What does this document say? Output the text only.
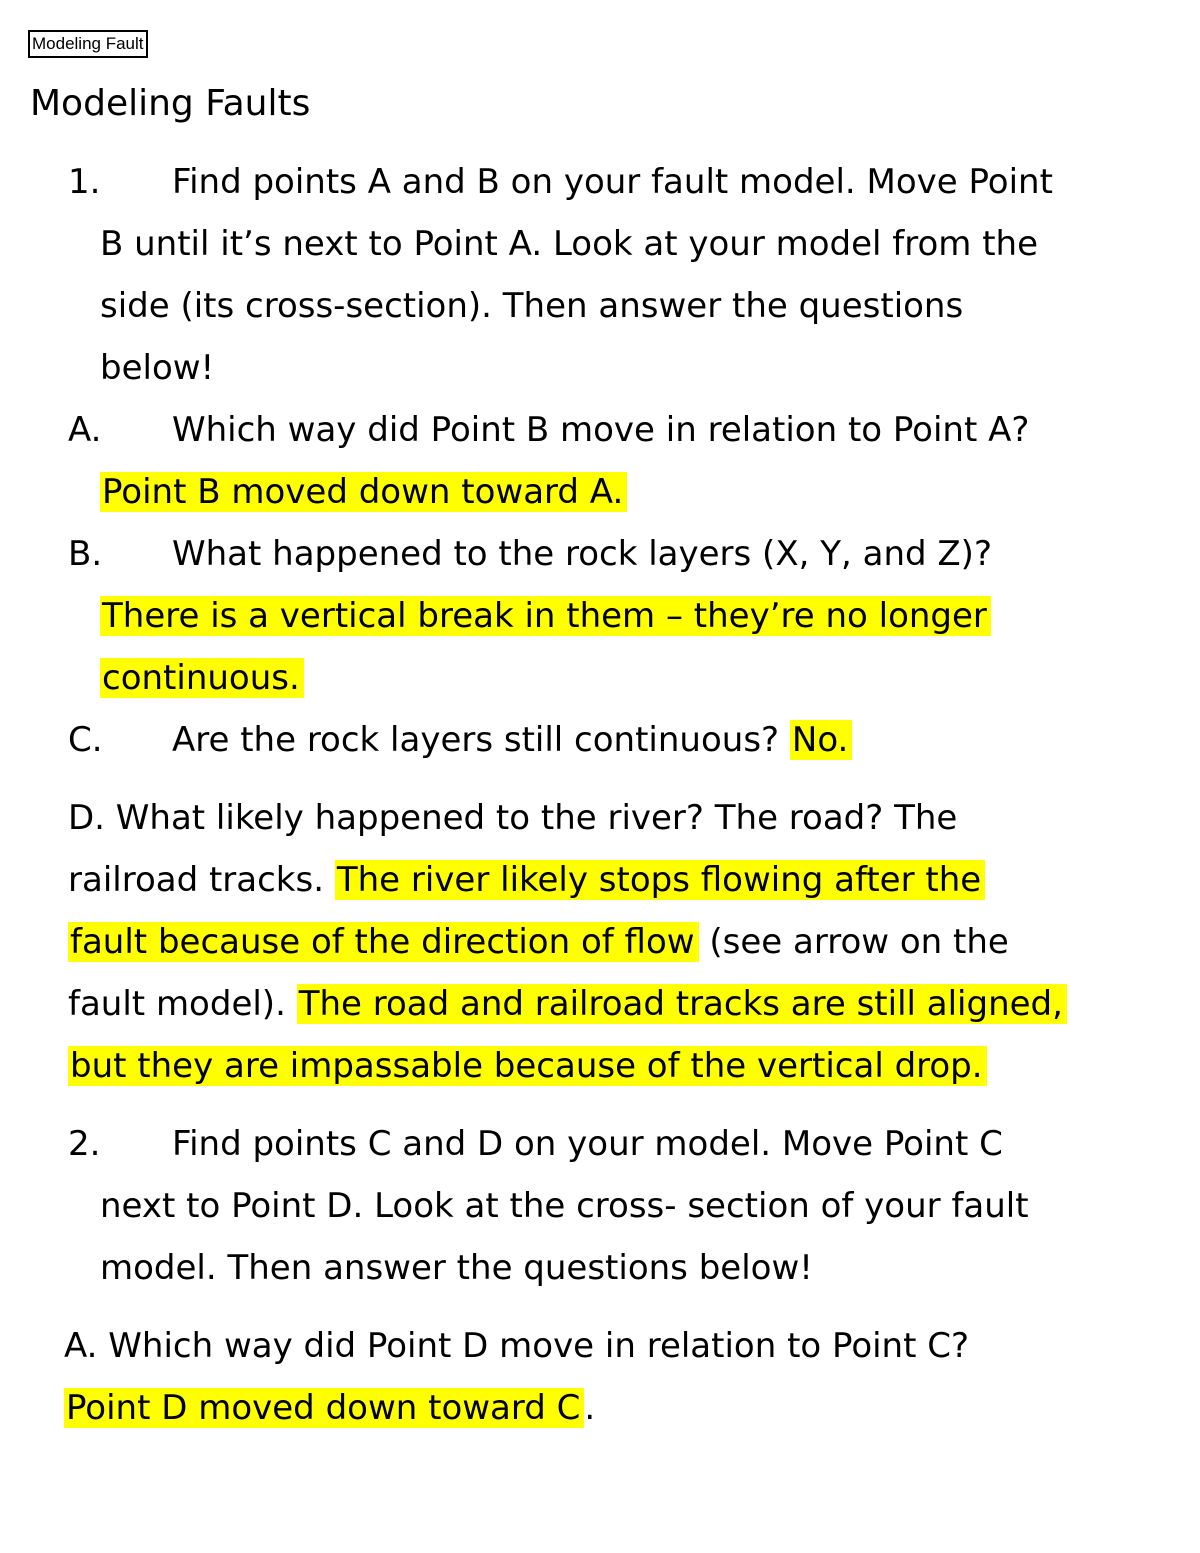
Modeling Fault
Modeling Faults
1. Find points A and B on your fault model. Move Point
B until it’s next to Point A. Look at your model from the
side (its cross-section). Then answer the questions
below!
A. Which way did Point B move in relation to Point A?
Point B moved down toward A.
B. What happened to the rock layers (X, Y, and Z)?
There is a vertical break in them – they’re no longer
continuous.
C. Are the rock layers still continuous? No.
D. What likely happened to the river? The road? The
railroad tracks. The river likely stops flowing after the
fault because of the direction of flow (see arrow on the
fault model). The road and railroad tracks are still aligned,
but they are impassable because of the vertical drop.
2. Find points C and D on your model. Move Point C
next to Point D. Look at the cross- section of your fault
model. Then answer the questions below!
A. Which way did Point D move in relation to Point C?
Point D moved down toward C .
